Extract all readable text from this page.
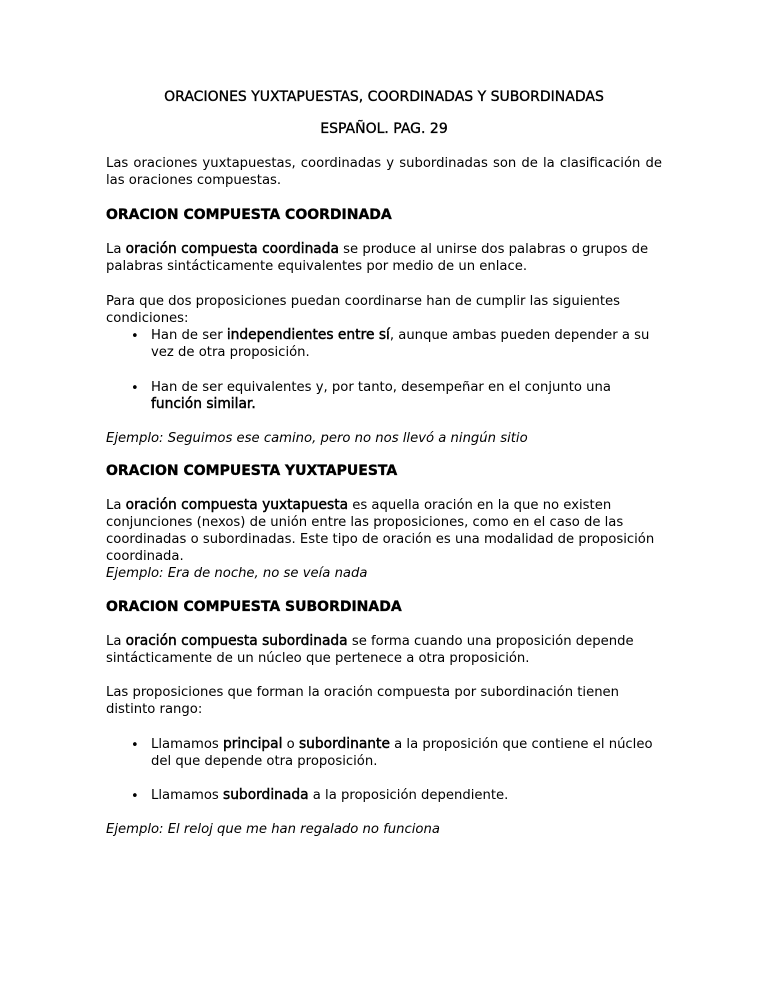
ORACIONES YUXTAPUESTAS, COORDINADAS Y SUBORDINADAS
ESPAÑOL. PAG. 29

Las oraciones yuxtapuestas, coordinadas y subordinadas son de la clasificación de las oraciones compuestas.

ORACION COMPUESTA COORDINADA

La oración compuesta coordinada se produce al unirse dos palabras o grupos de palabras sintácticamente equivalentes por medio de un enlace.

Para que dos proposiciones puedan coordinarse han de cumplir las siguientes condiciones:

• Han de ser independientes entre sí, aunque ambas pueden depender a su vez de otra proposición.

• Han de ser equivalentes y, por tanto, desempeñar en el conjunto una función similar.

Ejemplo: Seguimos ese camino, pero no nos llevó a ningún sitio

ORACION COMPUESTA YUXTAPUESTA

La oración compuesta yuxtapuesta es aquella oración en la que no existen conjunciones (nexos) de unión entre las proposiciones, como en el caso de las coordinadas o subordinadas. Este tipo de oración es una modalidad de proposición coordinada.

Ejemplo: Era de noche, no se veía nada

ORACION COMPUESTA SUBORDINADA

La oración compuesta subordinada se forma cuando una proposición depende sintácticamente de un núcleo que pertenece a otra proposición.

Las proposiciones que forman la oración compuesta por subordinación tienen distinto rango:

• Llamamos principal o subordinante a la proposición que contiene el núcleo del que depende otra proposición.

• Llamamos subordinada a la proposición dependiente.

Ejemplo: El reloj que me han regalado no funciona
